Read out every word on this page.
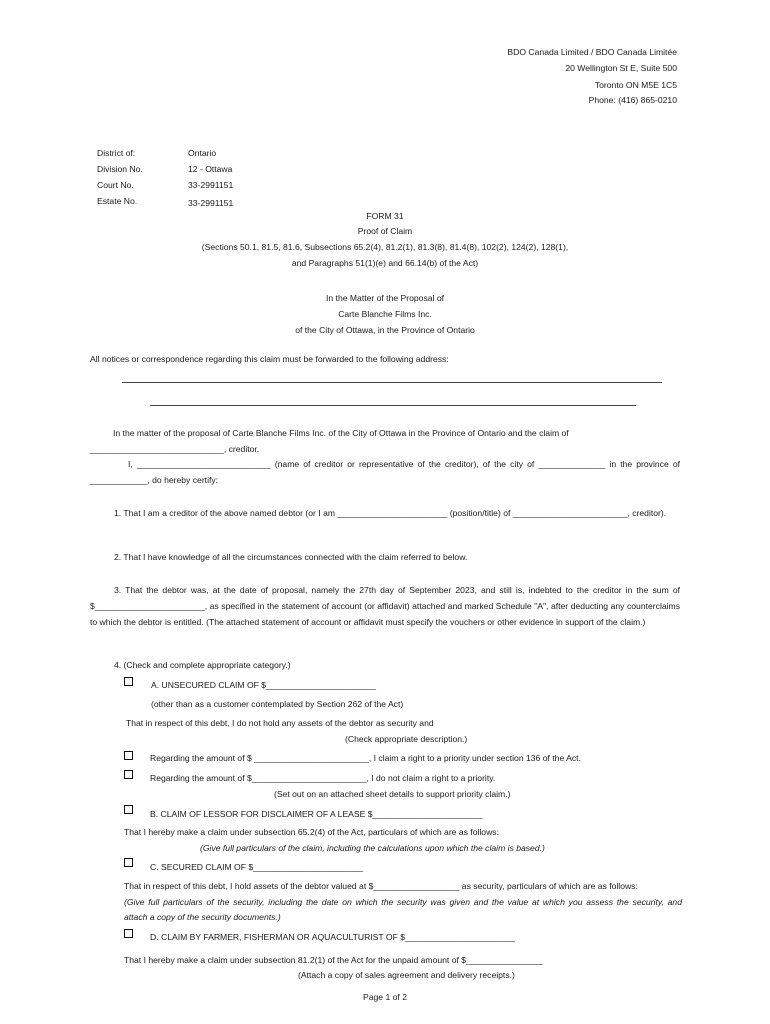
BDO Canada Limited / BDO Canada Limitée
20 Wellington St E, Suite 500
Toronto ON M5E 1C5
Phone: (416) 865-0210
District of:	Ontario
Division No.	12 - Ottawa
Court No.	33-2991151
Estate No.	33-2991151
FORM 31
Proof of Claim
(Sections 50.1, 81.5, 81.6, Subsections 65.2(4), 81.2(1), 81.3(8), 81.4(8), 102(2), 124(2), 128(1),
and Paragraphs 51(1)(e) and 66.14(b) of the Act)
In the Matter of the Proposal of
Carte Blanche Films Inc.
of the City of Ottawa, in the Province of Ontario
All notices or correspondence regarding this claim must be forwarded to the following address:
In the matter of the proposal of Carte Blanche Films Inc. of the City of Ottawa in the Province of Ontario and the claim of
____________________________, creditor.
I, ____________________________ (name of creditor or representative of the creditor), of the city of ______________ in the province of
____________, do hereby certify:
1. That I am a creditor of the above named debtor (or I am _______________________ (position/title) of ________________________, creditor).
2. That I have knowledge of all the circumstances connected with the claim referred to below.
3. That the debtor was, at the date of proposal, namely the 27th day of September 2023, and still is, indebted to the creditor in the sum of $_______________________, as specified in the statement of account (or affidavit) attached and marked Schedule "A", after deducting any counterclaims to which the debtor is entitled. (The attached statement of account or affidavit must specify the vouchers or other evidence in support of the claim.)
4. (Check and complete appropriate category.)
A. UNSECURED CLAIM OF $_______________________
(other than as a customer contemplated by Section 262 of the Act)
That in respect of this debt, I do not hold any assets of the debtor as security and
(Check appropriate description.)
Regarding the amount of $ ________________________, I claim a right to a priority under section 136 of the Act.
Regarding the amount of $________________________, I do not claim a right to a priority.
(Set out on an attached sheet details to support priority claim.)
B. CLAIM OF LESSOR FOR DISCLAIMER OF A LEASE $_______________________
That I hereby make a claim under subsection 65.2(4) of the Act, particulars of which are as follows:
(Give full particulars of the claim, including the calculations upon which the claim is based.)
C. SECURED CLAIM OF $_______________________
That in respect of this debt, I hold assets of the debtor valued at $__________________ as security, particulars of which are as follows:
(Give full particulars of the security, including the date on which the security was given and the value at which you assess the security, and
attach a copy of the security documents.)
D. CLAIM BY FARMER, FISHERMAN OR AQUACULTURIST OF $_______________________
That I hereby make a claim under subsection 81.2(1) of the Act for the unpaid amount of $________________
(Attach a copy of sales agreement and delivery receipts.)
Page 1 of 2
